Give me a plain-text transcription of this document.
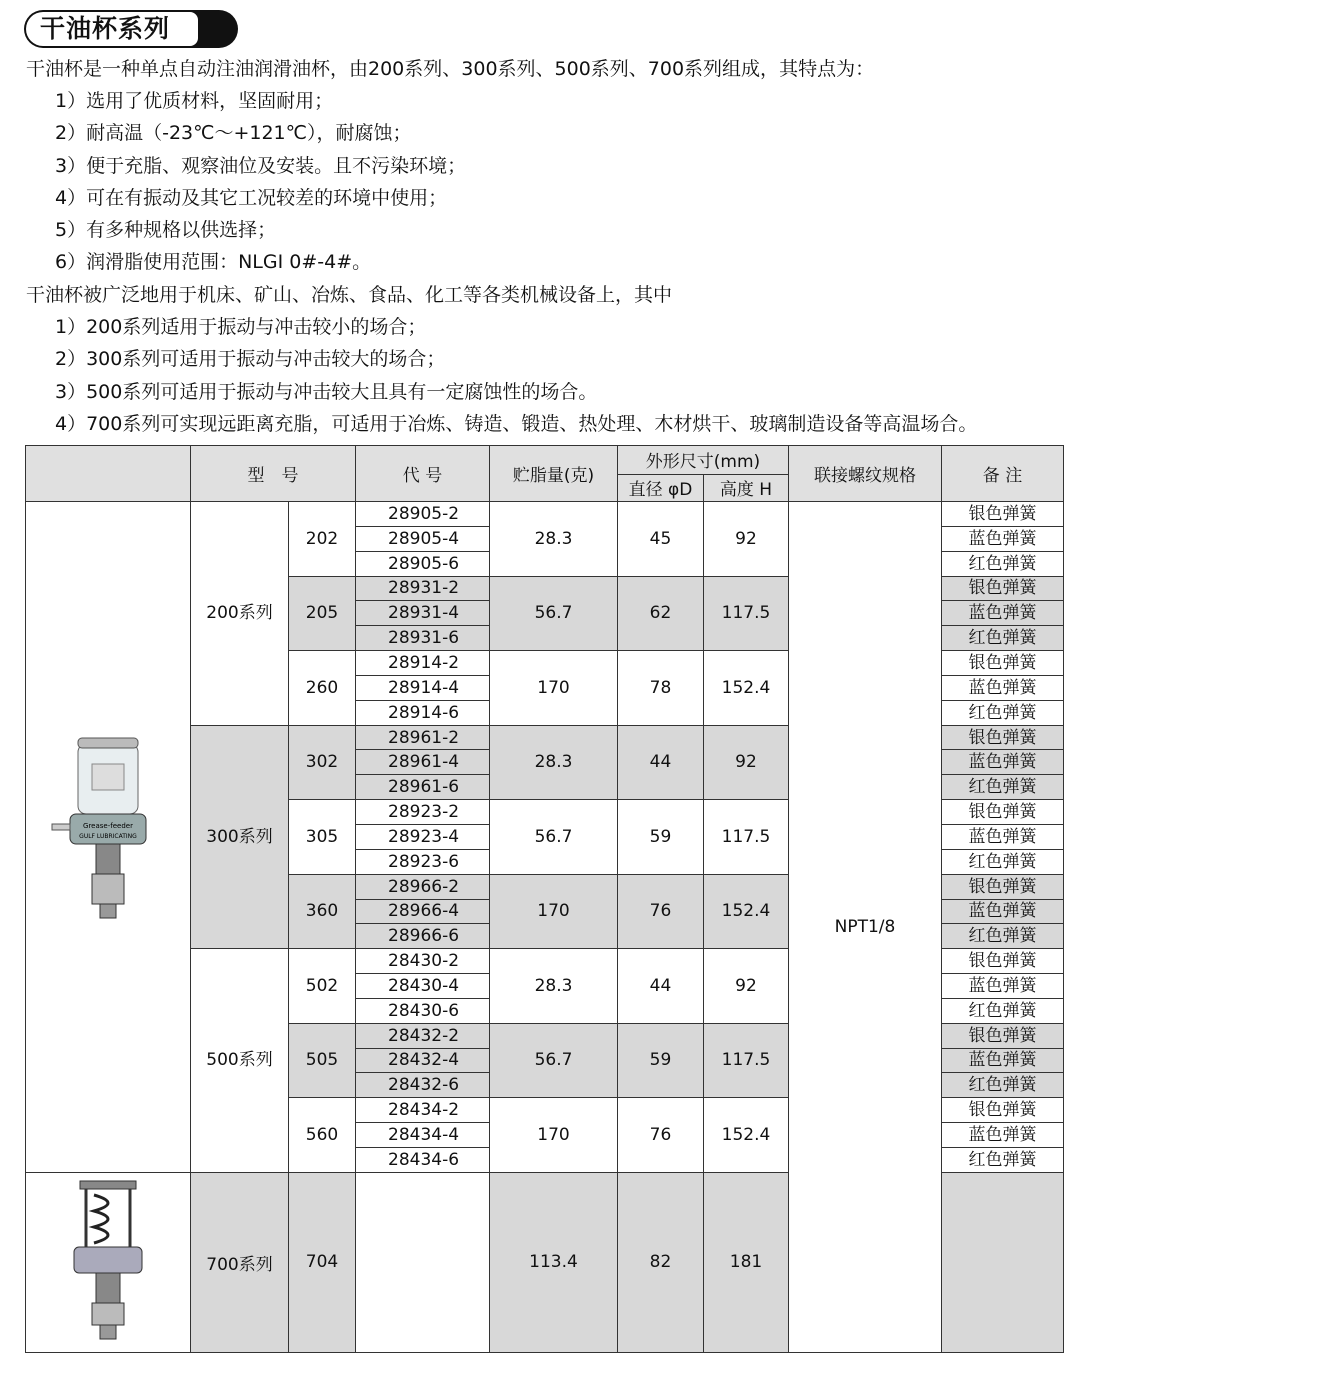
干油杯系列
干油杯是一种单点自动注油润滑油杯，由200系列、300系列、500系列、700系列组成，其特点为：
1）选用了优质材料，坚固耐用；
2）耐高温（-23℃～+121℃），耐腐蚀；
3）便于充脂、观察油位及安装。且不污染环境；
4）可在有振动及其它工况较差的环境中使用；
5）有多种规格以供选择；
6）润滑脂使用范围：NLGI 0#-4#。
干油杯被广泛地用于机床、矿山、冶炼、食品、化工等各类机械设备上，其中
1）200系列适用于振动与冲击较小的场合；
2）300系列可适用于振动与冲击较大的场合；
3）500系列可适用于振动与冲击较大且具有一定腐蚀性的场合。
4）700系列可实现远距离充脂，可适用于冶炼、铸造、锻造、热处理、木材烘干、玻璃制造设备等高温场合。
	型　号		代 号	贮脂量(克)	外形尺寸(mm)		联接螺纹规格	备 注
					直径 φD	高度 H		

Grease-feeder
GULF LUBRICATING	200系列	202	28905-2	28.3	45	92	NPT1/8	银色弹簧
			28905-4					蓝色弹簧
			28905-6					红色弹簧
		205	28931-2	56.7	62	117.5		银色弹簧
			28931-4					蓝色弹簧
			28931-6					红色弹簧
		260	28914-2	170	78	152.4		银色弹簧
			28914-4					蓝色弹簧
			28914-6					红色弹簧
	300系列	302	28961-2	28.3	44	92		银色弹簧
			28961-4					蓝色弹簧
			28961-6					红色弹簧
		305	28923-2	56.7	59	117.5		银色弹簧
			28923-4					蓝色弹簧
			28923-6					红色弹簧
		360	28966-2	170	76	152.4		银色弹簧
			28966-4					蓝色弹簧
			28966-6					红色弹簧
	500系列	502	28430-2	28.3	44	92		银色弹簧
			28430-4					蓝色弹簧
			28430-6					红色弹簧
		505	28432-2	56.7	59	117.5		银色弹簧
			28432-4					蓝色弹簧
			28432-6					红色弹簧
		560	28434-2	170	76	152.4		银色弹簧
			28434-4					蓝色弹簧
			28434-6					红色弹簧
	700系列	704		113.4	82	181		
